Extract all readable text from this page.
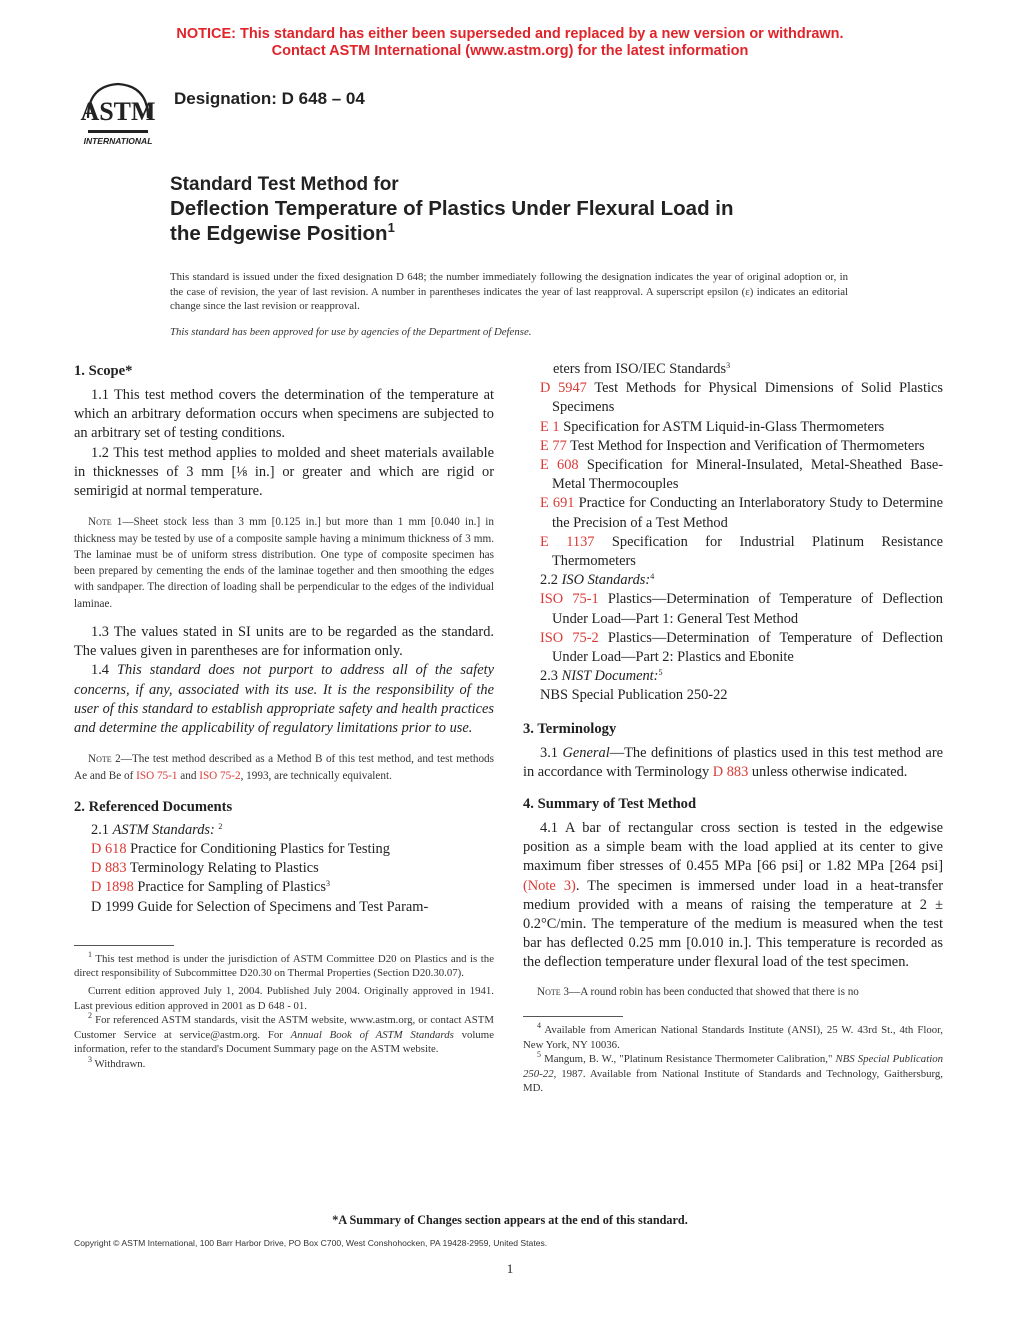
NOTICE: This standard has either been superseded and replaced by a new version or withdrawn.
Contact ASTM International (www.astm.org) for the latest information
ASTM
INTERNATIONAL
Designation: D 648 – 04
Standard Test Method for
Deflection Temperature of Plastics Under Flexural Load in
the Edgewise Position$^1$
This standard is issued under the fixed designation D 648; the number immediately following the designation indicates the year of original adoption or, in the case of revision, the year of last revision. A number in parentheses indicates the year of last reapproval. A superscript epsilon (ε) indicates an editorial change since the last revision or reapproval.
This standard has been approved for use by agencies of the Department of Defense.

1. Scope*

1.1 This test method covers the determination of the temperature at which an arbitrary deformation occurs when specimens are subjected to an arbitrary set of testing conditions.

1.2 This test method applies to molded and sheet materials available in thicknesses of 3 mm [⅛ in.] or greater and which are rigid or semirigid at normal temperature.

Note 1—Sheet stock less than 3 mm [0.125 in.] but more than 1 mm [0.040 in.] in thickness may be tested by use of a composite sample having a minimum thickness of 3 mm. The laminae must be of uniform stress distribution. One type of composite specimen has been prepared by cementing the ends of the laminae together and then smoothing the edges with sandpaper. The direction of loading shall be perpendicular to the edges of the individual laminae.

1.3 The values stated in SI units are to be regarded as the standard. The values given in parentheses are for information only.

1.4 This standard does not purport to address all of the safety concerns, if any, associated with its use. It is the responsibility of the user of this standard to establish appropriate safety and health practices and determine the applicability of regulatory limitations prior to use.

Note 2—The test method described as a Method B of this test method, and test methods Ae and Be of ISO 75-1 and ISO 75-2, 1993, are technically equivalent.

2. Referenced Documents

2.1 ASTM Standards: $^2$

D 618 Practice for Conditioning Plastics for Testing

D 883 Terminology Relating to Plastics

D 1898 Practice for Sampling of Plastics$^3$

D 1999 Guide for Selection of Specimens and Test Param-

$^1$ This test method is under the jurisdiction of ASTM Committee D20 on Plastics and is the direct responsibility of Subcommittee D20.30 on Thermal Properties (Section D20.30.07).

Current edition approved July 1, 2004. Published July 2004. Originally approved in 1941. Last previous edition approved in 2001 as D 648 - 01.

$^2$ For referenced ASTM standards, visit the ASTM website, www.astm.org, or contact ASTM Customer Service at service@astm.org. For Annual Book of ASTM Standards volume information, refer to the standard's Document Summary page on the ASTM website.

$^3$ Withdrawn.

eters from ISO/IEC Standards$^3$

D 5947 Test Methods for Physical Dimensions of Solid Plastics Specimens

E 1 Specification for ASTM Liquid-in-Glass Thermometers

E 77 Test Method for Inspection and Verification of Thermometers

E 608 Specification for Mineral-Insulated, Metal-Sheathed Base-Metal Thermocouples

E 691 Practice for Conducting an Interlaboratory Study to Determine the Precision of a Test Method

E 1137 Specification for Industrial Platinum Resistance Thermometers

2.2 ISO Standards:$^4$

ISO 75-1 Plastics—Determination of Temperature of Deflection Under Load—Part 1: General Test Method

ISO 75-2 Plastics—Determination of Temperature of Deflection Under Load—Part 2: Plastics and Ebonite

2.3 NIST Document:$^5$

NBS Special Publication 250-22

3. Terminology

3.1 General—The definitions of plastics used in this test method are in accordance with Terminology D 883 unless otherwise indicated.

4. Summary of Test Method

4.1 A bar of rectangular cross section is tested in the edgewise position as a simple beam with the load applied at its center to give maximum fiber stresses of 0.455 MPa [66 psi] or 1.82 MPa [264 psi] (Note 3). The specimen is immersed under load in a heat-transfer medium provided with a means of raising the temperature at 2 ± 0.2°C/min. The temperature of the medium is measured when the test bar has deflected 0.25 mm [0.010 in.]. This temperature is recorded as the deflection temperature under flexural load of the test specimen.

Note 3—A round robin has been conducted that showed that there is no

$^4$ Available from American National Standards Institute (ANSI), 25 W. 43rd St., 4th Floor, New York, NY 10036.

$^5$ Mangum, B. W., "Platinum Resistance Thermometer Calibration," NBS Special Publication 250-22, 1987. Available from National Institute of Standards and Technology, Gaithersburg, MD.

*A Summary of Changes section appears at the end of this standard.
Copyright © ASTM International, 100 Barr Harbor Drive, PO Box C700, West Conshohocken, PA 19428-2959, United States.
1
